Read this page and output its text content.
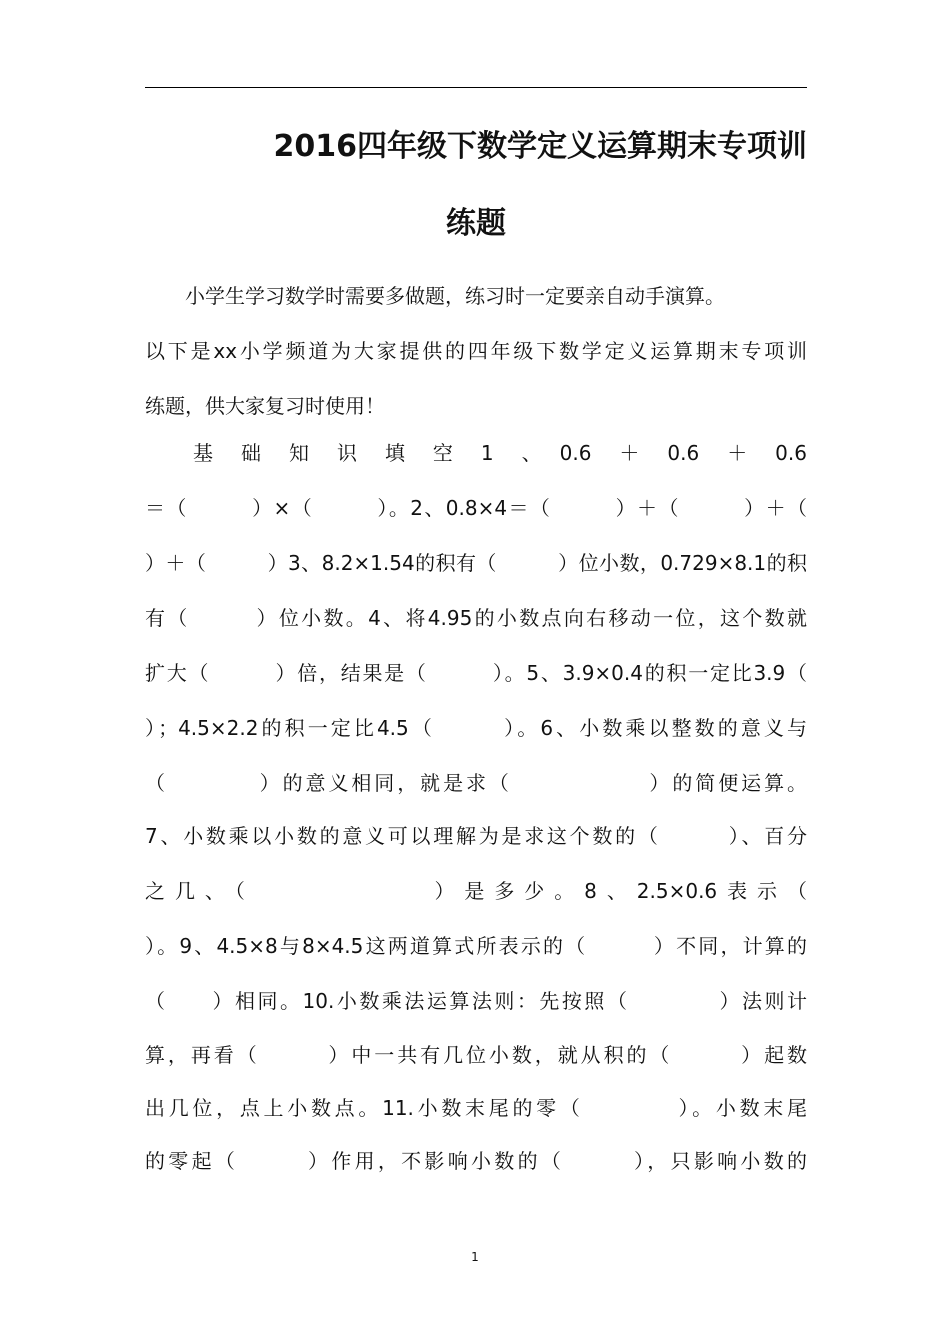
2016四年级下数学定义运算期末专项训
练题

　　小学生学习数学时需要多做题，练习时一定要亲自动手演算。

以下是xx小学频道为大家提供的四年级下数学定义运算期末专项训

练题，供大家复习时使用！

　　基　础　知　识　填　空　1　、　0.6　＋　0.6　＋　0.6

＝（　　　）×（　　　）。2、0.8×4＝（　　　）＋（　　　）＋（

）＋（　　　）3、8.2×1.54的积有（　　　）位小数，0.729×8.1的积

有（　　　）位小数。4、将4.95的小数点向右移动一位，这个数就

扩大（　　　）倍，结果是（　　　）。5、3.9×0.4的积一定比3.9（

）；4.5×2.2的积一定比4.5（　　　）。6、小数乘以整数的意义与

（　　　　）的意义相同，就是求（　　　　　　）的简便运算。

7、小数乘以小数的意义可以理解为是求这个数的（　　　）、百分

之几、（　　　　　　）是多少。8、2.5×0.6表示（

）。9、4.5×8与8×4.5这两道算式所表示的（　　　）不同，计算的

（　　）相同。10.小数乘法运算法则：先按照（　　　　）法则计

算，再看（　　　）中一共有几位小数，就从积的（　　　）起数

出几位，点上小数点。11.小数末尾的零（　　　　）。小数末尾

的零起（　　　）作用，不影响小数的（　　　），只影响小数的

1
